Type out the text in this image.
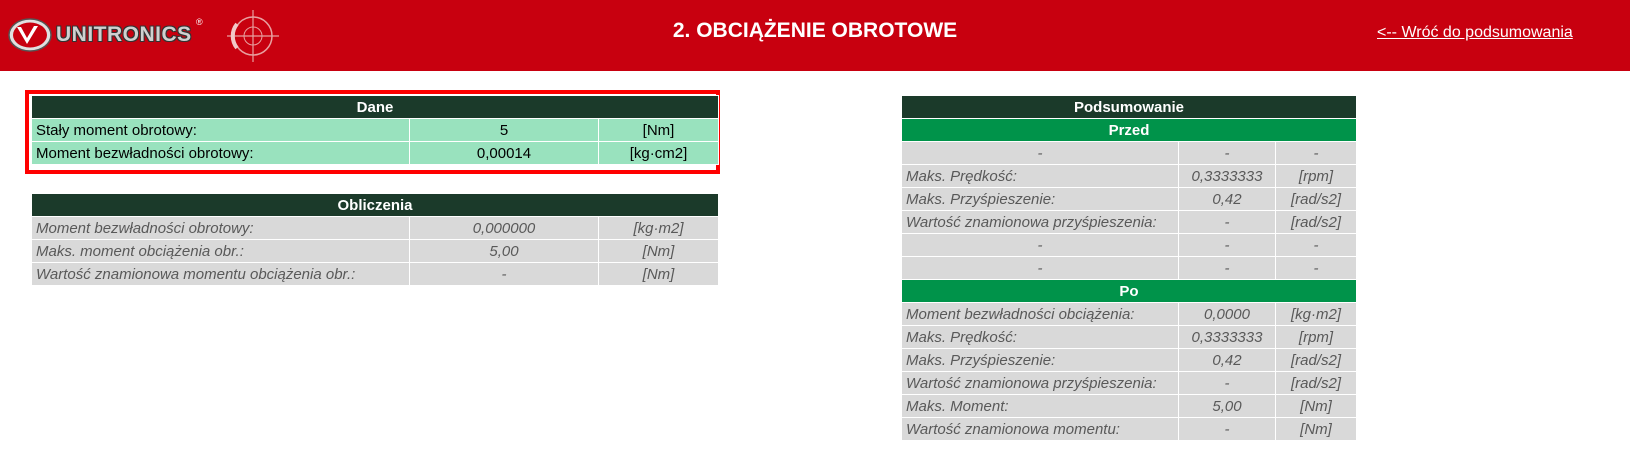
UNITRONICS
®	2. OBCIĄŻENIE OBROTOWE	<-- Wróć do podsumowania
Dane		
Stały moment obrotowy:	5	[Nm]
Moment bezwładności obrotowy:	0,00014	[kg·cm2]
Obliczenia		
Moment bezwładności obrotowy:	0,000000	[kg·m2]
Maks. moment obciążenia obr.:	5,00	[Nm]
Wartość znamionowa momentu obciążenia obr.:	-	[Nm]
Podsumowanie		
Przed		
-	-	-
Maks. Prędkość:	0,3333333	[rpm]
Maks. Przyśpieszenie:	0,42	[rad/s2]
Wartość znamionowa przyśpieszenia:	-	[rad/s2]
-	-	-
-	-	-
Po		
Moment bezwładności obciążenia:	0,0000	[kg·m2]
Maks. Prędkość:	0,3333333	[rpm]
Maks. Przyśpieszenie:	0,42	[rad/s2]
Wartość znamionowa przyśpieszenia:	-	[rad/s2]
Maks. Moment:	5,00	[Nm]
Wartość znamionowa momentu:	-	[Nm]
